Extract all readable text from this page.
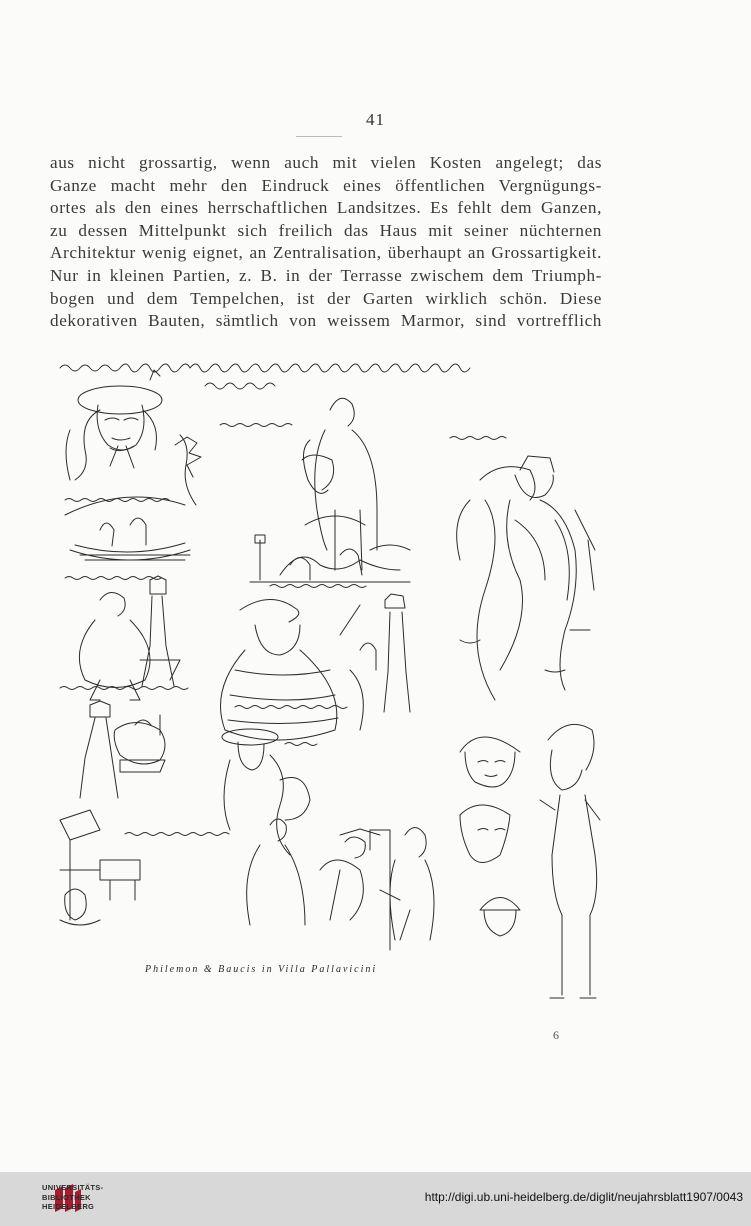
41
aus nicht grossartig, wenn auch mit vielen Kosten angelegt; das
Ganze macht mehr den Eindruck eines öffentlichen Vergnügungs-
ortes als den eines herrschaftlichen Landsitzes. Es fehlt dem Ganzen,
zu dessen Mittelpunkt sich freilich das Haus mit seiner nüchternen
Architektur wenig eignet, an Zentralisation, überhaupt an Grossartigkeit.
Nur in kleinen Partien, z. B. in der Terrasse zwischem dem Triumph-
bogen und dem Tempelchen, ist der Garten wirklich schön. Diese
dekorativen Bauten, sämtlich von weissem Marmor, sind vortrefflich
Philemon & Baucis in Villa Pallavicini
6
UNIVERSITÄTS-
BIBLIOTHEK
HEIDELBERG
http://digi.ub.uni-heidelberg.de/diglit/neujahrsblatt1907/0043
